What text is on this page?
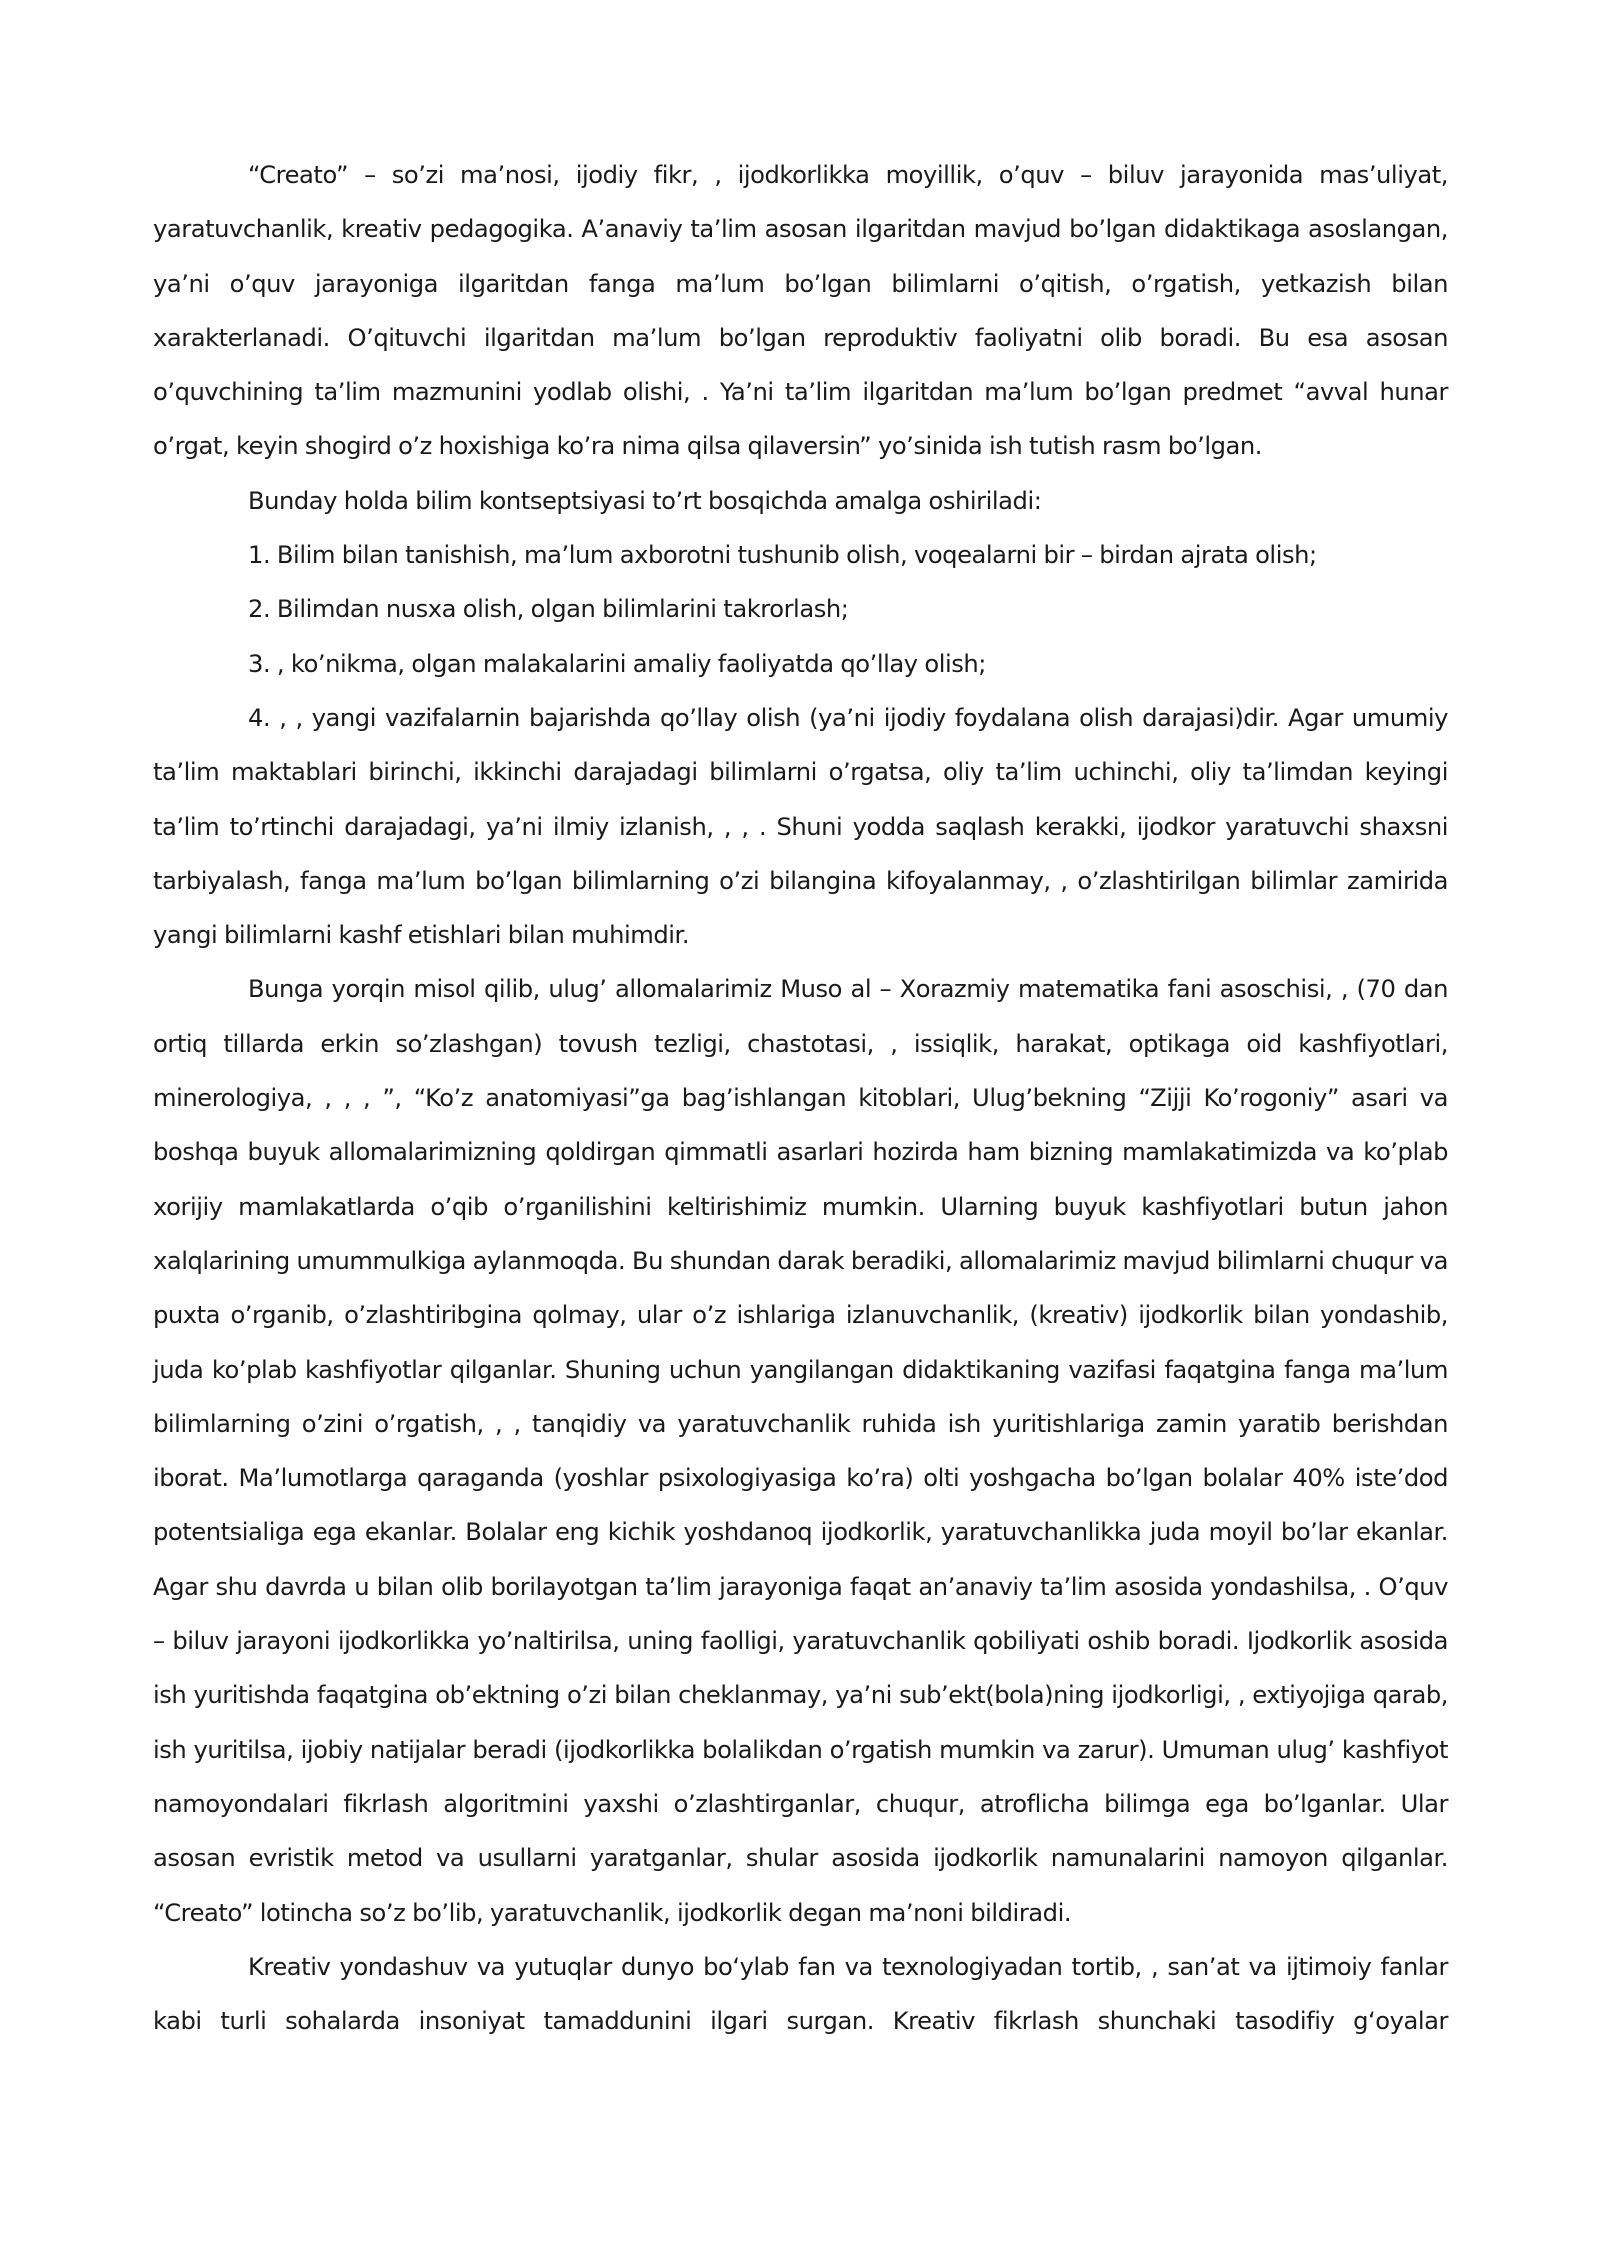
“Creato” – so’zi ma’nosi, ijodiy fikr, , ijodkorlikka moyillik, o’quv – biluv jarayonida mas’uliyat, yaratuvchanlik, kreativ pedagogika. A’anaviy ta’lim asosan ilgaritdan mavjud bo’lgan didaktikaga asoslangan, ya’ni o’quv jarayoniga ilgaritdan fanga ma’lum bo’lgan bilimlarni o’qitish, o’rgatish, yetkazish bilan xarakterlanadi. O’qituvchi ilgaritdan ma’lum bo’lgan reproduktiv faoliyatni olib boradi. Bu esa asosan o’quvchining ta’lim mazmunini yodlab olishi, . Ya’ni ta’lim ilgaritdan ma’lum bo’lgan predmet “avval hunar o’rgat, keyin shogird o’z hoxishiga ko’ra nima qilsa qilaversin” yo’sinida ish tutish rasm bo’lgan.

Bunday holda bilim kontseptsiyasi to’rt bosqichda amalga oshiriladi:

1. Bilim bilan tanishish, ma’lum axborotni tushunib olish, voqealarni bir – birdan ajrata olish;

2. Bilimdan nusxa olish, olgan bilimlarini takrorlash;

3. , ko’nikma, olgan malakalarini amaliy faoliyatda qo’llay olish;

4. , , yangi vazifalarnin bajarishda qo’llay olish (ya’ni ijodiy foydalana olish darajasi)dir. Agar umumiy ta’lim maktablari birinchi, ikkinchi darajadagi bilimlarni o’rgatsa, oliy ta’lim uchinchi, oliy ta’limdan keyingi ta’lim to’rtinchi darajadagi, ya’ni ilmiy izlanish, , , . Shuni yodda saqlash kerakki, ijodkor yaratuvchi shaxsni tarbiyalash, fanga ma’lum bo’lgan bilimlarning o’zi bilangina kifoyalanmay, , o’zlashtirilgan bilimlar zamirida yangi bilimlarni kashf etishlari bilan muhimdir.

Bunga yorqin misol qilib, ulug’ allomalarimiz Muso al – Xorazmiy matematika fani asoschisi, , (70 dan ortiq tillarda erkin so’zlashgan) tovush tezligi, chastotasi, , issiqlik, harakat, optikaga oid kashfiyotlari, minerologiya, , , , ”, “Ko’z anatomiyasi”ga bag’ishlangan kitoblari, Ulug’bekning “Zijji Ko’rogoniy” asari va boshqa buyuk allomalarimizning qoldirgan qimmatli asarlari hozirda ham bizning mamlakatimizda va ko’plab xorijiy mamlakatlarda o’qib o’rganilishini keltirishimiz mumkin. Ularning buyuk kashfiyotlari butun jahon xalqlarining umummulkiga aylanmoqda. Bu shundan darak beradiki, allomalarimiz mavjud bilimlarni chuqur va puxta o’rganib, o’zlashtiribgina qolmay, ular o’z ishlariga izlanuvchanlik, (kreativ) ijodkorlik bilan yondashib, juda ko’plab kashfiyotlar qilganlar. Shuning uchun yangilangan didaktikaning vazifasi faqatgina fanga ma’lum bilimlarning o’zini o’rgatish, , , tanqidiy va yaratuvchanlik ruhida ish yuritishlariga zamin yaratib berishdan iborat. Ma’lumotlarga qaraganda (yoshlar psixologiyasiga ko’ra) olti yoshgacha bo’lgan bolalar 40% iste’dod potentsialiga ega ekanlar. Bolalar eng kichik yoshdanoq ijodkorlik, yaratuvchanlikka juda moyil bo’lar ekanlar. Agar shu davrda u bilan olib borilayotgan ta’lim jarayoniga faqat an’anaviy ta’lim asosida yondashilsa, . O’quv – biluv jarayoni ijodkorlikka yo’naltirilsa, uning faolligi, yaratuvchanlik qobiliyati oshib boradi. Ijodkorlik asosida ish yuritishda faqatgina ob’ektning o’zi bilan cheklanmay, ya’ni sub’ekt(bola)ning ijodkorligi, , extiyojiga qarab, ish yuritilsa, ijobiy natijalar beradi (ijodkorlikka bolalikdan o’rgatish mumkin va zarur). Umuman ulug’ kashfiyot namoyondalari fikrlash algoritmini yaxshi o’zlashtirganlar, chuqur, atroflicha bilimga ega bo’lganlar. Ular asosan evristik metod va usullarni yaratganlar, shular asosida ijodkorlik namunalarini namoyon qilganlar. “Creato” lotincha so’z bo’lib, yaratuvchanlik, ijodkorlik degan ma’noni bildiradi.

Kreativ yondashuv va yutuqlar dunyo bo‘ylab fan va texnologiyadan tortib, , san’at va ijtimoiy fanlar kabi turli sohalarda insoniyat tamaddunini ilgari surgan. Kreativ fikrlash shunchaki tasodifiy g‘oyalar
